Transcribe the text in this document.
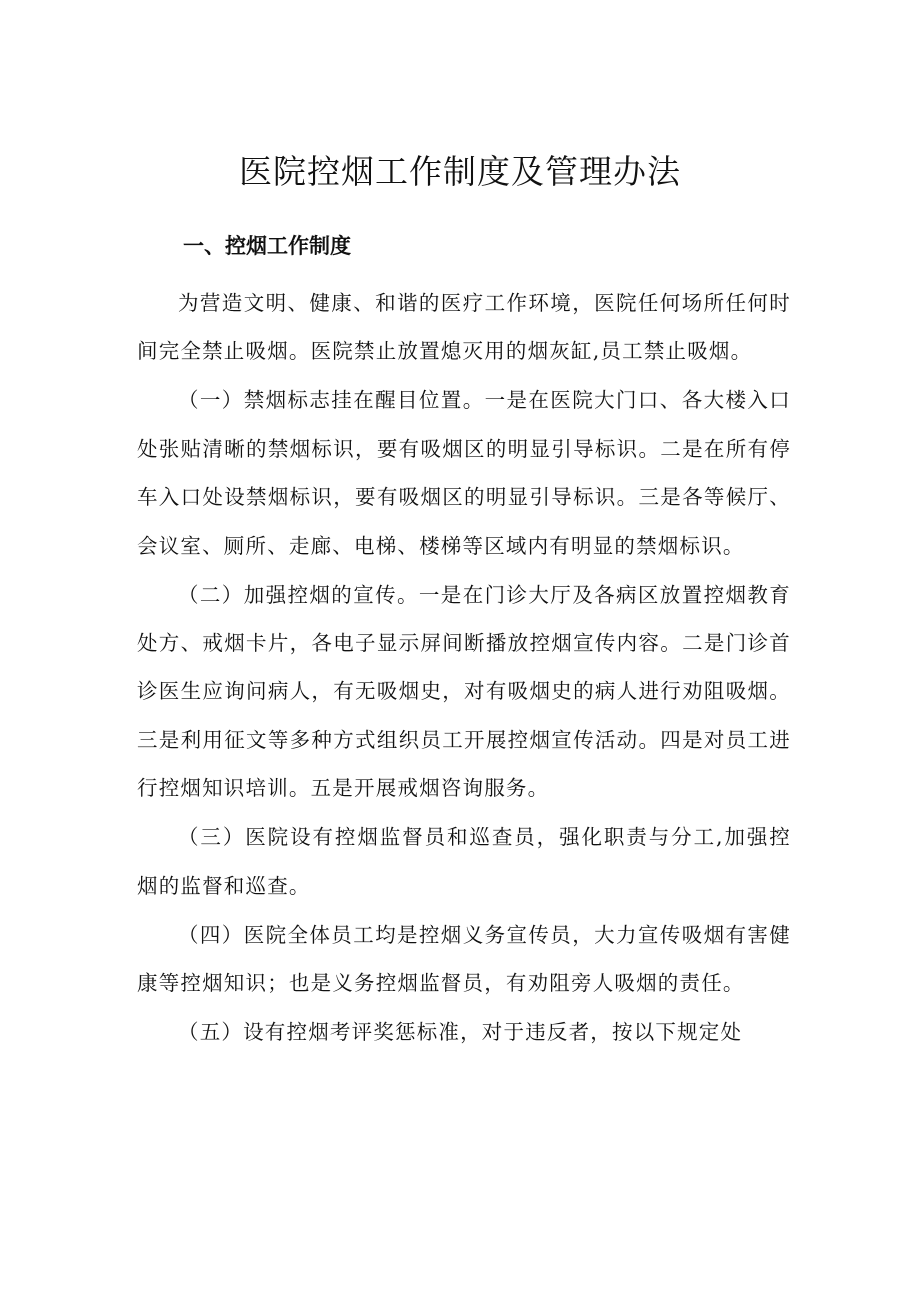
医院控烟工作制度及管理办法
一、控烟工作制度

为营造文明、健康、和谐的医疗工作环境，医院任何场所任何时间完全禁止吸烟。医院禁止放置熄灭用的烟灰缸,员工禁止吸烟。

（一）禁烟标志挂在醒目位置。一是在医院大门口、各大楼入口处张贴清晰的禁烟标识，要有吸烟区的明显引导标识。二是在所有停车入口处设禁烟标识，要有吸烟区的明显引导标识。三是各等候厅、会议室、厕所、走廊、电梯、楼梯等区域内有明显的禁烟标识。

（二）加强控烟的宣传。一是在门诊大厅及各病区放置控烟教育处方、戒烟卡片，各电子显示屏间断播放控烟宣传内容。二是门诊首诊医生应询问病人，有无吸烟史，对有吸烟史的病人进行劝阻吸烟。三是利用征文等多种方式组织员工开展控烟宣传活动。四是对员工进行控烟知识培训。五是开展戒烟咨询服务。

（三）医院设有控烟监督员和巡查员，强化职责与分工,加强控烟的监督和巡查。

（四）医院全体员工均是控烟义务宣传员，大力宣传吸烟有害健康等控烟知识；也是义务控烟监督员，有劝阻旁人吸烟的责任。

（五）设有控烟考评奖惩标准，对于违反者，按以下规定处
